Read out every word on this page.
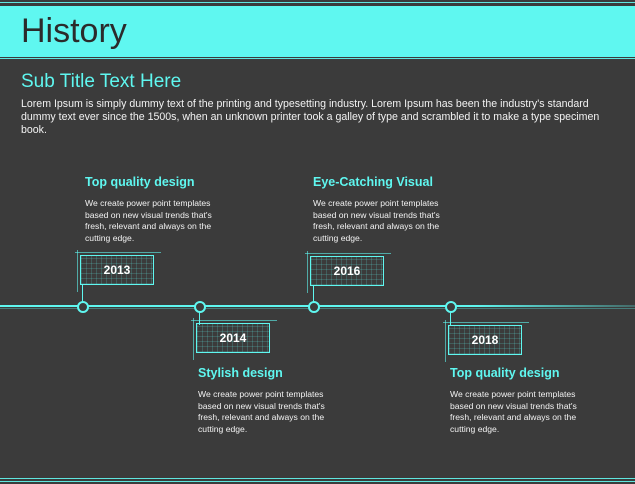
History
Sub Title Text Here
Lorem Ipsum is simply dummy text of the printing and typesetting industry. Lorem Ipsum has been the industry's standard dummy text ever since the 1500s, when an unknown printer took a galley of type and scrambled it to make a type specimen book.
Top quality design
We create power point templates based on new visual trends that's fresh, relevant and always on the cutting edge.
2013
2014
Stylish design
We create power point templates based on new visual trends that's fresh, relevant and always on the cutting edge.
Eye-Catching Visual
We create power point templates based on new visual trends that's fresh, relevant and always on the cutting edge.
2016
2018
Top quality design
We create power point templates based on new visual trends that's fresh, relevant and always on the cutting edge.
